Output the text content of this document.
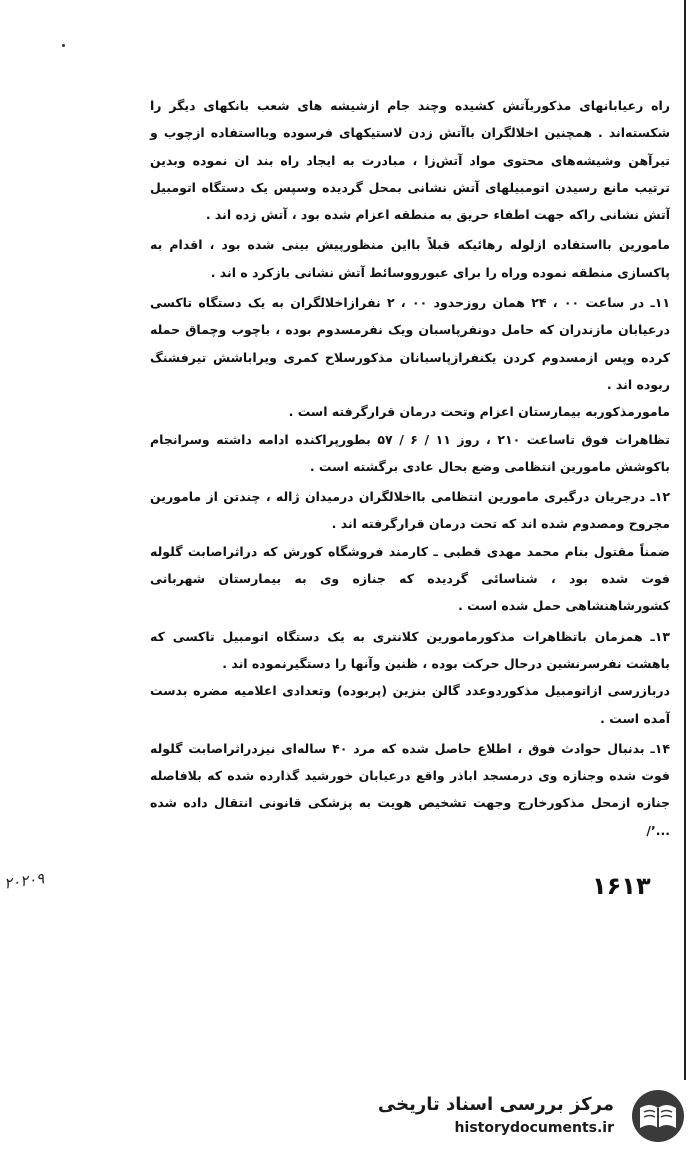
راه رعیابانهای مذکوربآتش کشیده وچند جام ازشیشه های شعب بانکهای دیگر را شکسته‌اند . همچنین اخلالگران باآتش زدن لاستیکهای فرسوده وبااستفاده ازچوب و تیرآهن وشیشه‌های محتوی مواد آتش‌زا ، مبادرت به ایجاد راه بند ان نموده وبدین ترتیب مانع رسیدن اتومبیلهای آتش نشانی بمحل گردیده وسپس یک دستگاه اتومبیل آتش نشانی راکه جهت اطفاء حریق به منطقه اعزام شده بود ، آتش زده اند .

مامورین بااستفاده ازلوله رهائیکه قبلاً بااین منظورپیش بینی شده بود ، اقدام به پاکسازی منطقه نموده وراه را برای عبورووسائط آتش نشانی بازکرد ه اند .

۱۱ـ در ساعت ۰۰ ، ۲۴ همان روزحدود ۰۰ ، ۲ نفرازاخلالگران به یک دستگاه تاکسی درعیابان مازندران که حامل دونفرپاسبان ویک نفرمسدوم بوده ، باچوب وچماق حمله کرده وپس ازمسدوم کردن یکنفرازپاسبانان مذکورسلاح کمری ویراباشش تیرفشنگ ربوده اند .

مامورمذکوربه بیمارستان اعزام وتحت درمان قرارگرفته است .

تظاهرات فوق تاساعت ۲۱۰ ، روز ۱۱ / ۶ / ۵۷ بطورپراکنده ادامه داشته وسرانجام باکوشش مامورین انتظامی وضع بحال عادی برگشته است .

۱۲ـ درجریان درگیری مامورین انتظامی بااخلالگران درمیدان ژاله ، چندتن از مامورین مجروح ومصدوم شده اند که تحت درمان قرارگرفته اند .

ضمناً مقتول بنام محمد مهدی قطبی ـ کارمند فروشگاه کورش که دراثراصابت گلوله فوت شده بود ، شناسائی گردیده که جنازه وی به بیمارستان شهربانی کشورشاهنشاهی حمل شده است .

۱۳ـ همزمان باتظاهرات مذکورمامورین کلانتری به یک دستگاه اتومبیل تاکسی که باهشت نفرسرنشین درحال حرکت بوده ، ظنین وآنها را دستگیرنموده اند .

دربازرسی ازاتومبیل مذکوردوعدد گالن بنزین (پربوده) وتعدادی اعلامیه مضره بدست آمده است .

۱۴ـ بدنبال حوادث فوق ، اطلاع حاصل شده که مرد ۴۰ ساله‌ای نیزدراثراصابت گلوله فوت شده وجنازه وی درمسجد اباذر واقع درعیابان خورشید گذارده شده که بلافاصله جنازه ازمحل مذکورخارج وجهت تشخیص هویت به پزشکی قانونی انتقال داده شده ...٬/

۲۰۲۰۹	۱۶۱۳
مرکز بررسی اسناد تاریخی
historydocuments.ir
